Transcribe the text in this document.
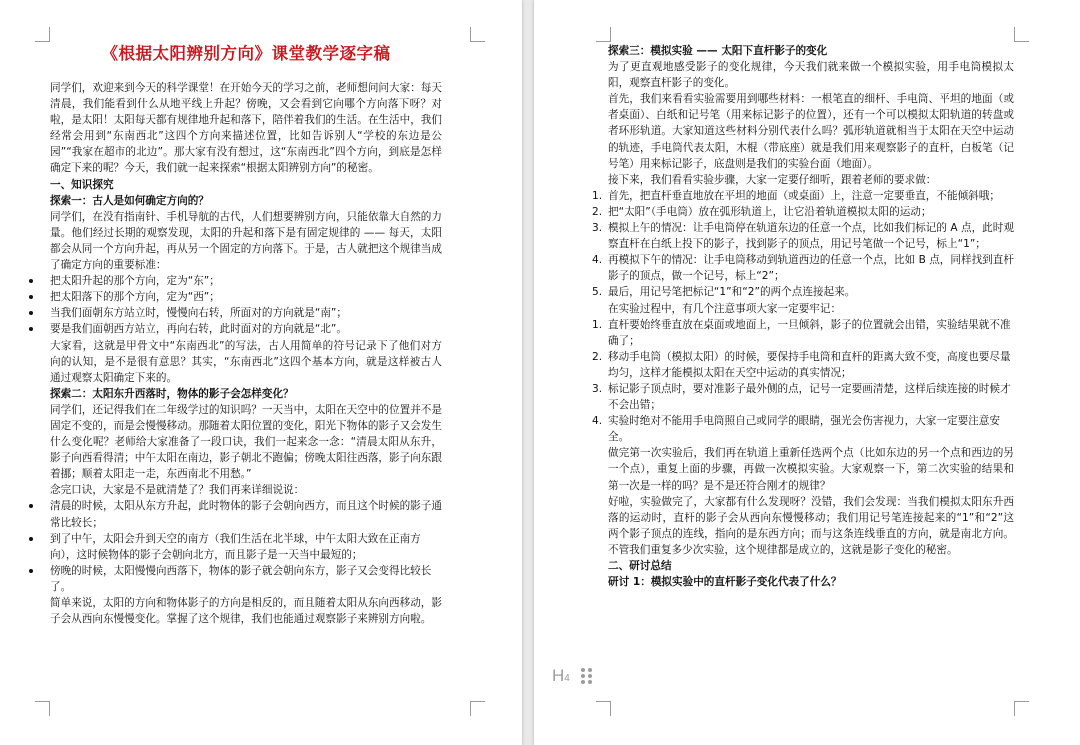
《根据太阳辨别方向》课堂教学逐字稿

同学们，欢迎来到今天的科学课堂！在开始今天的学习之前，老师想问问大家：每天清晨，我们能看到什么从地平线上升起？傍晚，又会看到它向哪个方向落下呀？对啦，是太阳！太阳每天都有规律地升起和落下，陪伴着我们的生活。在生活中，我们经常会用到“东南西北”这四个方向来描述位置，比如告诉别人“学校的东边是公园”“我家在超市的北边”。那大家有没有想过，这“东南西北”四个方向，到底是怎样确定下来的呢？今天，我们就一起来探索“根据太阳辨别方向”的秘密。

一、知识探究

探索一：古人是如何确定方向的？

同学们，在没有指南针、手机导航的古代，人们想要辨别方向，只能依靠大自然的力量。他们经过长期的观察发现，太阳的升起和落下是有固定规律的 —— 每天，太阳都会从同一个方向升起，再从另一个固定的方向落下。于是，古人就把这个规律当成了确定方向的重要标准：

把太阳升起的那个方向，定为“东”；
把太阳落下的那个方向，定为“西”；
当我们面朝东方站立时，慢慢向右转，所面对的方向就是“南”；
要是我们面朝西方站立，再向右转，此时面对的方向就是“北”。

大家看，这就是甲骨文中“东南西北”的写法，古人用简单的符号记录下了他们对方向的认知，是不是很有意思？其实，“东南西北”这四个基本方向，就是这样被古人通过观察太阳确定下来的。

探索二：太阳东升西落时，物体的影子会怎样变化？

同学们，还记得我们在二年级学过的知识吗？一天当中，太阳在天空中的位置并不是固定不变的，而是会慢慢移动。那随着太阳位置的变化，阳光下物体的影子又会发生什么变化呢？老师给大家准备了一段口诀，我们一起来念一念：“清晨太阳从东升，影子向西看得清；中午太阳在南边，影子朝北不跑偏；傍晚太阳往西落，影子向东跟着挪；顺着太阳走一走，东西南北不用愁。”

念完口诀，大家是不是就清楚了？我们再来详细说说：

清晨的时候，太阳从东方升起，此时物体的影子会朝向西方，而且这个时候的影子通常比较长；
到了中午，太阳会升到天空的南方（我们生活在北半球，中午太阳大致在正南方向），这时候物体的影子会朝向北方，而且影子是一天当中最短的；
傍晚的时候，太阳慢慢向西落下，物体的影子就会朝向东方，影子又会变得比较长了。

简单来说，太阳的方向和物体影子的方向是相反的，而且随着太阳从东向西移动，影子会从西向东慢慢变化。掌握了这个规律，我们也能通过观察影子来辨别方向啦。

探索三：模拟实验 —— 太阳下直杆影子的变化

为了更直观地感受影子的变化规律，今天我们就来做一个模拟实验，用手电筒模拟太阳，观察直杆影子的变化。

首先，我们来看看实验需要用到哪些材料：一根笔直的细杆、手电筒、平坦的地面（或者桌面）、白纸和记号笔（用来标记影子的位置），还有一个可以模拟太阳轨道的转盘或者环形轨道。大家知道这些材料分别代表什么吗？弧形轨道就相当于太阳在天空中运动的轨迹，手电筒代表太阳，木棍（带底座）就是我们用来观察影子的直杆，白板笔（记号笔）用来标记影子，底盘则是我们的实验台面（地面）。

接下来，我们看看实验步骤，大家一定要仔细听，跟着老师的要求做：

1. 首先，把直杆垂直地放在平坦的地面（或桌面）上，注意一定要垂直，不能倾斜哦；
2. 把“太阳”（手电筒）放在弧形轨道上，让它沿着轨道模拟太阳的运动；
3. 模拟上午的情况：让手电筒停在轨道东边的任意一个点，比如我们标记的 A 点，此时观察直杆在白纸上投下的影子，找到影子的顶点，用记号笔做一个记号，标上“1”；
4. 再模拟下午的情况：让手电筒移动到轨道西边的任意一个点，比如 B 点，同样找到直杆影子的顶点，做一个记号，标上“2”；
5. 最后，用记号笔把标记“1”和“2”的两个点连接起来。

在实验过程中，有几个注意事项大家一定要牢记：

1. 直杆要始终垂直放在桌面或地面上，一旦倾斜，影子的位置就会出错，实验结果就不准确了；
2. 移动手电筒（模拟太阳）的时候，要保持手电筒和直杆的距离大致不变，高度也要尽量均匀，这样才能模拟太阳在天空中运动的真实情况；
3. 标记影子顶点时，要对准影子最外侧的点，记号一定要画清楚，这样后续连接的时候才不会出错；
4. 实验时绝对不能用手电筒照自己或同学的眼睛，强光会伤害视力，大家一定要注意安全。

做完第一次实验后，我们再在轨道上重新任选两个点（比如东边的另一个点和西边的另一个点），重复上面的步骤，再做一次模拟实验。大家观察一下，第二次实验的结果和第一次是一样的吗？是不是还符合刚才的规律？

好啦，实验做完了，大家都有什么发现呀？没错，我们会发现：当我们模拟太阳东升西落的运动时，直杆的影子会从西向东慢慢移动；我们用记号笔连接起来的“1”和“2”这两个影子顶点的连线，指向的是东西方向；而与这条连线垂直的方向，就是南北方向。不管我们重复多少次实验，这个规律都是成立的，这就是影子变化的秘密。

二、研讨总结

研讨 1：模拟实验中的直杆影子变化代表了什么？

H4
